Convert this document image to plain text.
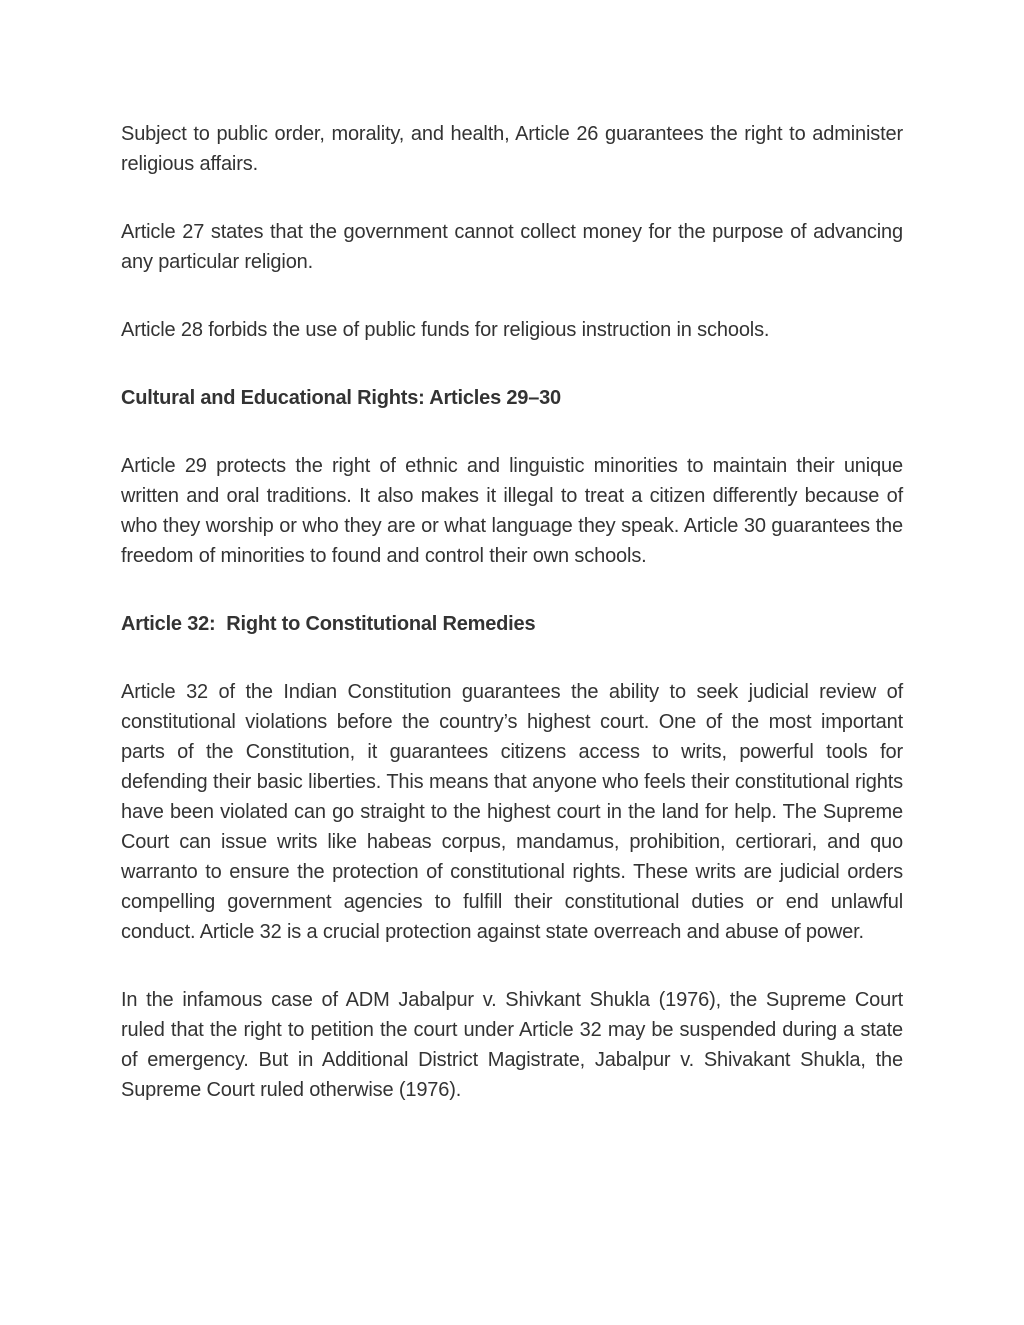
Subject to public order, morality, and health, Article 26 guarantees the right to administer religious affairs.

Article 27 states that the government cannot collect money for the purpose of advancing any particular religion.

Article 28 forbids the use of public funds for religious instruction in schools.

Cultural and Educational Rights: Articles 29–30

Article 29 protects the right of ethnic and linguistic minorities to maintain their unique written and oral traditions. It also makes it illegal to treat a citizen differently because of who they worship or who they are or what language they speak. Article 30 guarantees the freedom of minorities to found and control their own schools.

Article 32:  Right to Constitutional Remedies

Article 32 of the Indian Constitution guarantees the ability to seek judicial review of constitutional violations before the country’s highest court. One of the most important parts of the Constitution, it guarantees citizens access to writs, powerful tools for defending their basic liberties. This means that anyone who feels their constitutional rights have been violated can go straight to the highest court in the land for help. The Supreme Court can issue writs like habeas corpus, mandamus, prohibition, certiorari, and quo warranto to ensure the protection of constitutional rights. These writs are judicial orders compelling government agencies to fulfill their constitutional duties or end unlawful conduct. Article 32 is a crucial protection against state overreach and abuse of power.

In the infamous case of ADM Jabalpur v. Shivkant Shukla (1976), the Supreme Court ruled that the right to petition the court under Article 32 may be suspended during a state of emergency. But in Additional District Magistrate, Jabalpur v. Shivakant Shukla, the Supreme Court ruled otherwise (1976).
